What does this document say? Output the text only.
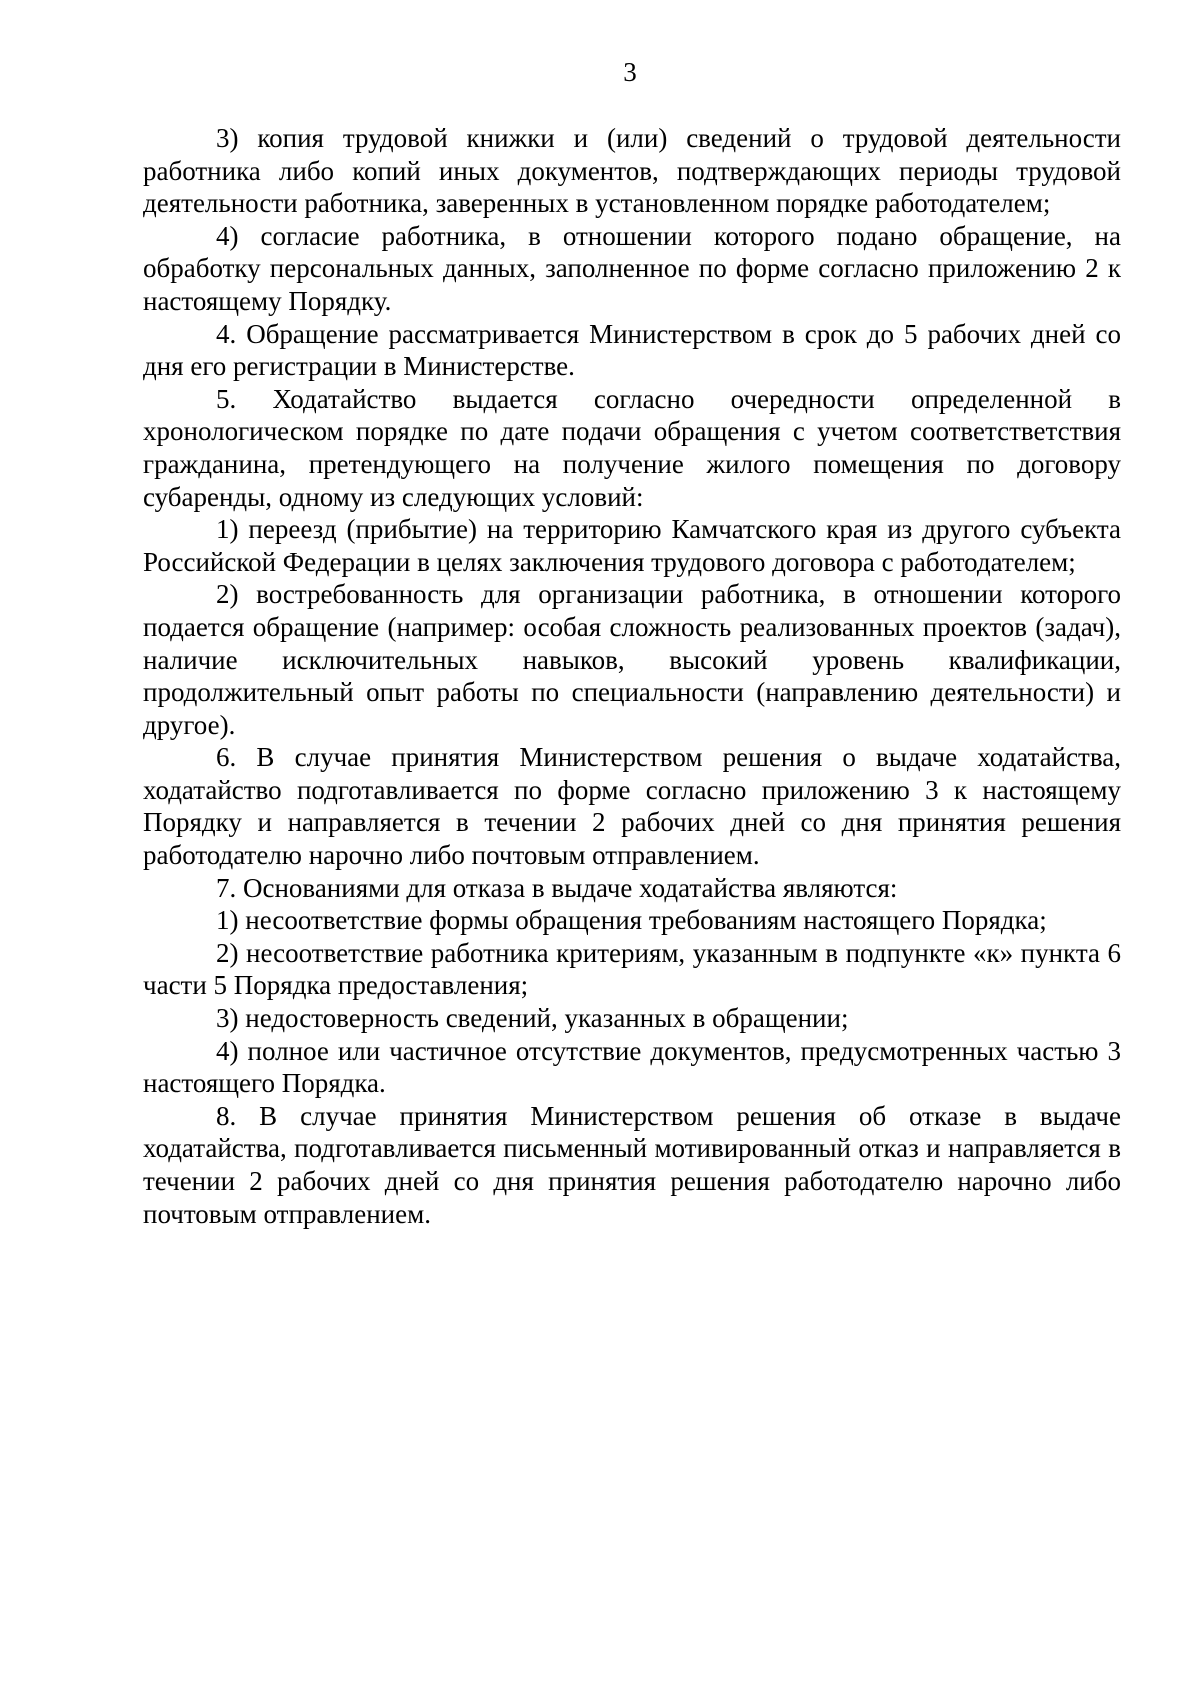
3

3) копия трудовой книжки и (или) сведений о трудовой деятельности работника либо копий иных документов, подтверждающих периоды трудовой деятельности работника, заверенных в установленном порядке работодателем;

4) согласие работника, в отношении которого подано обращение, на обработку персональных данных, заполненное по форме согласно приложению 2 к настоящему Порядку.

4. Обращение рассматривается Министерством в срок до 5 рабочих дней со дня его регистрации в Министерстве.

5. Ходатайство выдается согласно очередности определенной в хронологическом порядке по дате подачи обращения с учетом соответстветствия гражданина, претендующего на получение жилого помещения по договору субаренды, одному из следующих условий:

1) переезд (прибытие) на территорию Камчатского края из другого субъекта Российской Федерации в целях заключения трудового договора с работодателем;

2) востребованность для организации работника, в отношении которого подается обращение (например: особая сложность реализованных проектов (задач), наличие исключительных навыков, высокий уровень квалификации, продолжительный опыт работы по специальности (направлению деятельности) и другое).

6. В случае принятия Министерством решения о выдаче ходатайства, ходатайство подготавливается по форме согласно приложению 3 к настоящему Порядку и направляется в течении 2 рабочих дней со дня принятия решения работодателю нарочно либо почтовым отправлением.

7. Основаниями для отказа в выдаче ходатайства являются:

1) несоответствие формы обращения требованиям настоящего Порядка;

2) несоответствие работника критериям, указанным в подпункте «к» пункта 6 части 5 Порядка предоставления;

3) недостоверность сведений, указанных в обращении;

4) полное или частичное отсутствие документов, предусмотренных частью 3 настоящего Порядка.

8. В случае принятия Министерством решения об отказе в выдаче ходатайства, подготавливается письменный мотивированный отказ и направляется в течении 2 рабочих дней со дня принятия решения работодателю нарочно либо почтовым отправлением.
